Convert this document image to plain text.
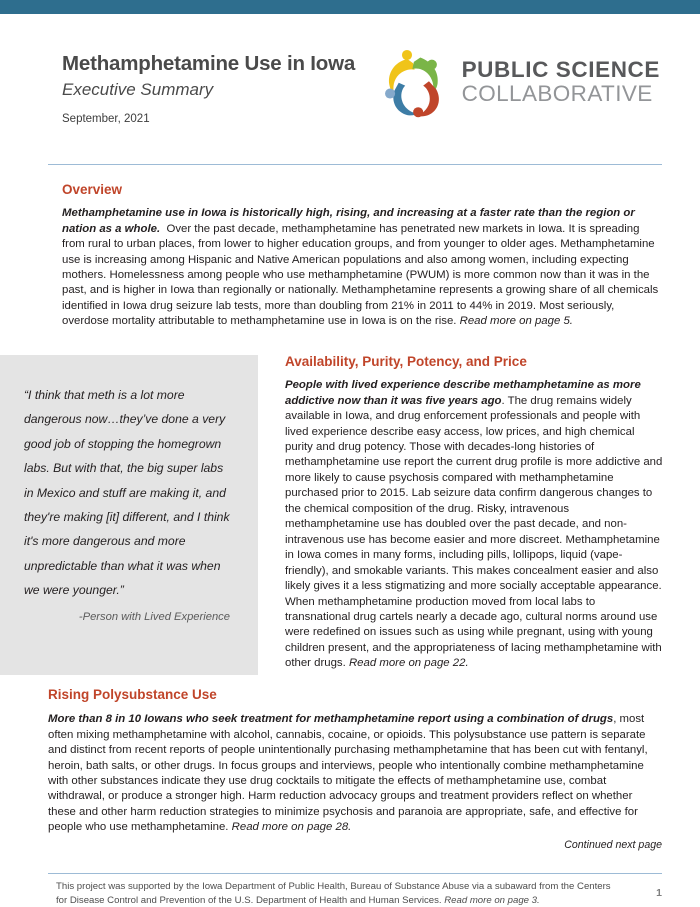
Methamphetamine Use in Iowa
Executive Summary
September, 2021
PUBLIC SCIENCE
COLLABORATIVE
Overview

Methamphetamine use in Iowa is historically high, rising, and increasing at a faster rate than the region or nation as a whole. Over the past decade, methamphetamine has penetrated new markets in Iowa. It is spreading from rural to urban places, from lower to higher education groups, and from younger to older ages. Methamphetamine use is increasing among Hispanic and Native American populations and also among women, including expecting mothers. Homelessness among people who use methamphetamine (PWUM) is more common now than it was in the past, and is higher in Iowa than regionally or nationally. Methamphetamine represents a growing share of all chemicals identified in Iowa drug seizure lab tests, more than doubling from 21% in 2011 to 44% in 2019. Most seriously, overdose mortality attributable to methamphetamine use in Iowa is on the rise. Read more on page 5.

“I think that meth is a lot more dangerous now…they’ve done a very good job of stopping the homegrown labs. But with that, the big super labs in Mexico and stuff are making it, and they're making [it] different, and I think it's more dangerous and more unpredictable than what it was when we were younger.”

-Person with Lived Experience
Availability, Purity, Potency, and Price

People with lived experience describe methamphetamine as more addictive now than it was five years ago. The drug remains widely available in Iowa, and drug enforcement professionals and people with lived experience describe easy access, low prices, and high chemical purity and drug potency. Those with decades-long histories of methamphetamine use report the current drug profile is more addictive and more likely to cause psychosis compared with methamphetamine purchased prior to 2015. Lab seizure data confirm dangerous changes to the chemical composition of the drug. Risky, intravenous methamphetamine use has doubled over the past decade, and non-intravenous use has become easier and more discreet. Methamphetamine in Iowa comes in many forms, including pills, lollipops, liquid (vape-friendly), and smokable variants. This makes concealment easier and also likely gives it a less stigmatizing and more socially acceptable appearance. When methamphetamine production moved from local labs to transnational drug cartels nearly a decade ago, cultural norms around use were redefined on issues such as using while pregnant, using with young children present, and the appropriateness of lacing methamphetamine with other drugs. Read more on page 22.

Rising Polysubstance Use

More than 8 in 10 Iowans who seek treatment for methamphetamine report using a combination of drugs, most often mixing methamphetamine with alcohol, cannabis, cocaine, or opioids. This polysubstance use pattern is separate and distinct from recent reports of people unintentionally purchasing methamphetamine that has been cut with fentanyl, heroin, bath salts, or other drugs. In focus groups and interviews, people who intentionally combine methamphetamine with other substances indicate they use drug cocktails to mitigate the effects of methamphetamine use, combat withdrawal, or produce a stronger high. Harm reduction advocacy groups and treatment providers reflect on whether these and other harm reduction strategies to minimize psychosis and paranoia are appropriate, safe, and effective for people who use methamphetamine. Read more on page 28.

Continued next page
This project was supported by the Iowa Department of Public Health, Bureau of Substance Abuse via a subaward from the Centers for Disease Control and Prevention of the U.S. Department of Health and Human Services. Read more on page 3.
1
